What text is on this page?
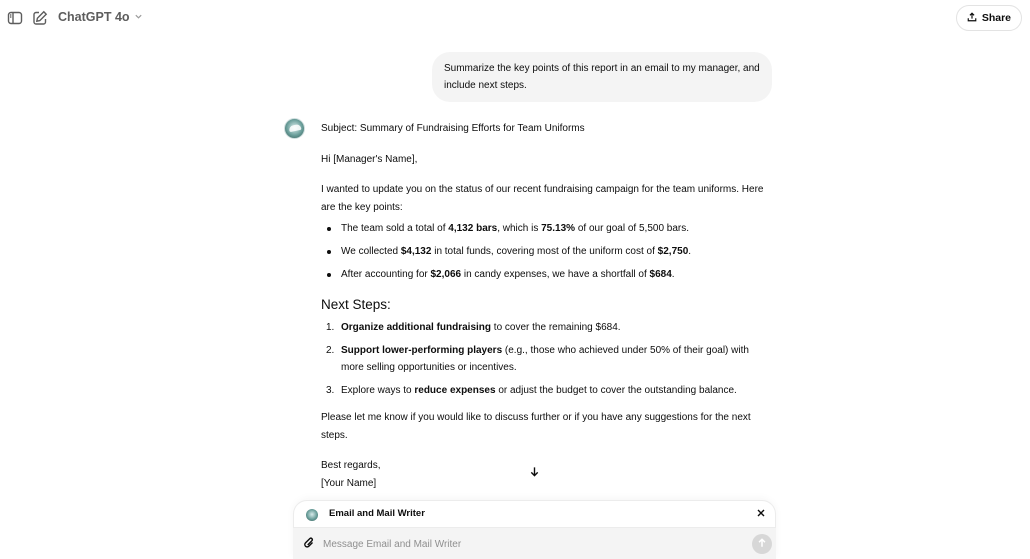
ChatGPT 4o	Share
Summarize the key points of this report in an email to my manager, and include next steps.

Subject: Summary of Fundraising Efforts for Team Uniforms

Hi [Manager's Name],

I wanted to update you on the status of our recent fundraising campaign for the team uniforms. Here are the key points:

The team sold a total of 4,132 bars, which is 75.13% of our goal of 5,500 bars.
We collected $4,132 in total funds, covering most of the uniform cost of $2,750.
After accounting for $2,066 in candy expenses, we have a shortfall of $684.
Next Steps:
1. Organize additional fundraising to cover the remaining $684.
2. Support lower-performing players (e.g., those who achieved under 50% of their goal) with more selling opportunities or incentives.
3. Explore ways to reduce expenses or adjust the budget to cover the outstanding balance.

Please let me know if you would like to discuss further or if you have any suggestions for the next steps.

Best regards,

[Your Name]

Email and Mail Writer
Message Email and Mail Writer
